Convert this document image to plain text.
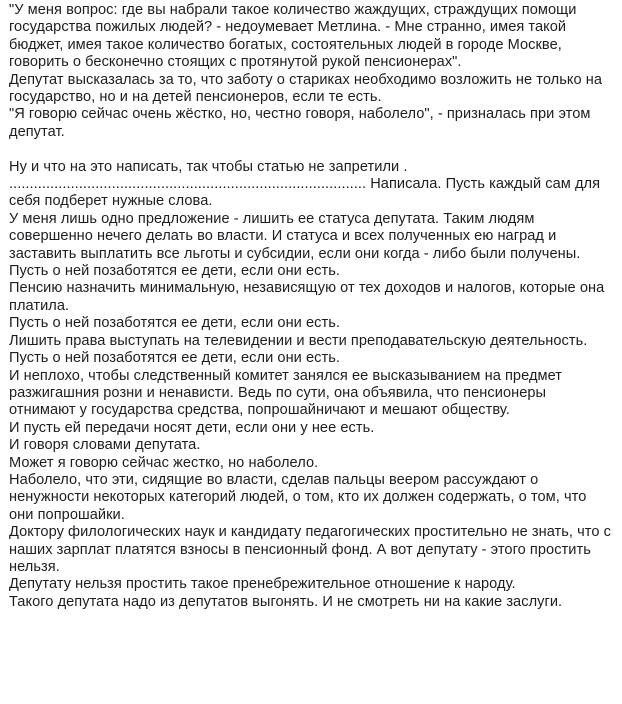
"У меня вопрос: где вы набрали такое количество жаждущих, страждущих помощи государства пожилых людей? - недоумевает Метлина. - Мне странно, имея такой бюджет, имея такое количество богатых, состоятельных людей в городе Москве, говорить о бесконечно стоящих с протянутой рукой пенсионерах".

Депутат высказалась за то, что заботу о стариках необходимо возложить не только на государство, но и на детей пенсионеров, если те есть.

"Я говорю сейчас очень жёстко, но, честно говоря, наболело", - призналась при этом депутат.

Ну и что на это написать, так чтобы статью не запретили .

....................................................................................... Написала. Пусть каждый сам для себя подберет нужные слова.

У меня лишь одно предложение - лишить ее статуса депутата. Таким людям совершенно нечего делать во власти. И статуса и всех полученных ею наград и заставить выплатить все льготы и субсидии, если они когда - либо были получены.

Пусть о ней позаботятся ее дети, если они есть.

Пенсию назначить минимальную, независящую от тех доходов и налогов, которые она платила.

Пусть о ней позаботятся ее дети, если они есть.

Лишить права выступать на телевидении и вести преподавательскую деятельность. Пусть о ней позаботятся ее дети, если они есть.

И неплохо, чтобы следственный комитет занялся ее высказыванием на предмет разжигашния розни и ненависти. Ведь по сути, она объявила, что пенсионеры отнимают у государства средства, попрошайничают и мешают обществу.

И пусть ей передачи носят дети, если они у нее есть.

И говоря словами депутата.

Может я говорю сейчас жестко, но наболело.

Наболело, что эти, сидящие во власти, сделав пальцы веером рассуждают о ненужности некоторых категорий людей, о том, кто их должен содержать, о том, что они попрошайки.

Доктору филологических наук и кандидату педагогических простительно не знать, что с наших зарплат платятся взносы в пенсионный фонд. А вот депутату - этого простить нельзя.

Депутату нельзя простить такое пренебрежительное отношение к народу.

Такого депутата надо из депутатов выгонять. И не смотреть ни на какие заслуги.
